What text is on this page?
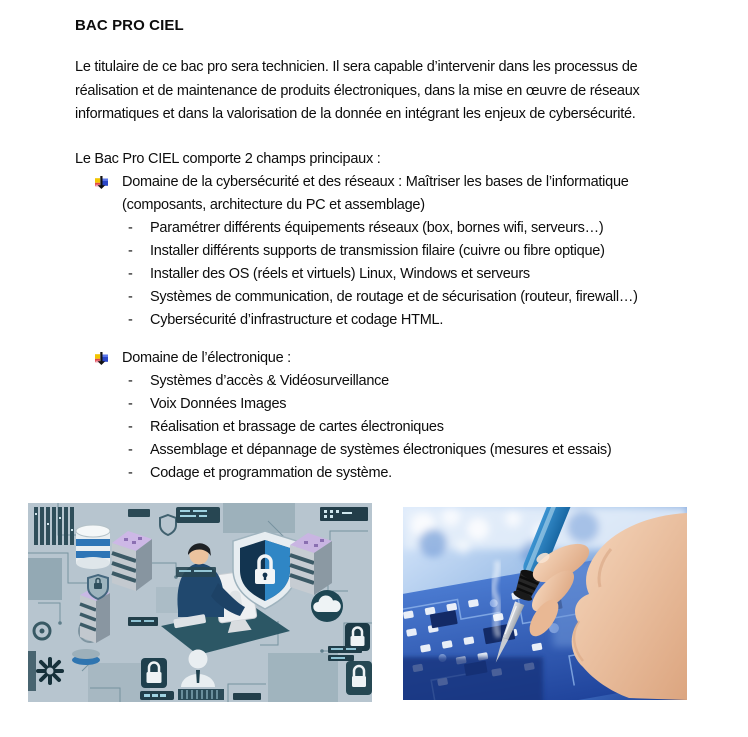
BAC PRO CIEL
Le titulaire de ce bac pro sera technicien. Il sera capable d’intervenir dans les processus de
réalisation et de maintenance de produits électroniques, dans la mise en œuvre de réseaux
informatiques et dans la valorisation de la donnée en intégrant les enjeux de cybersécurité.
Le Bac Pro CIEL comporte 2 champs principaux :
Domaine de la cybersécurité et des réseaux : Maîtriser les bases de l’informatique
(composants, architecture du PC et assemblage)
- Paramétrer différents équipements réseaux (box, bornes wifi, serveurs…)
- Installer différents supports de transmission filaire (cuivre ou fibre optique)
- Installer des OS (réels et virtuels) Linux, Windows et serveurs
- Systèmes de communication, de routage et de sécurisation (routeur, firewall…)
- Cybersécurité d’infrastructure et codage HTML.
Domaine de l’électronique :
- Systèmes d’accès & Vidéosurveillance
- Voix Données Images
- Réalisation et brassage de cartes électroniques
- Assemblage et dépannage de systèmes électroniques (mesures et essais)
- Codage et programmation de système.
